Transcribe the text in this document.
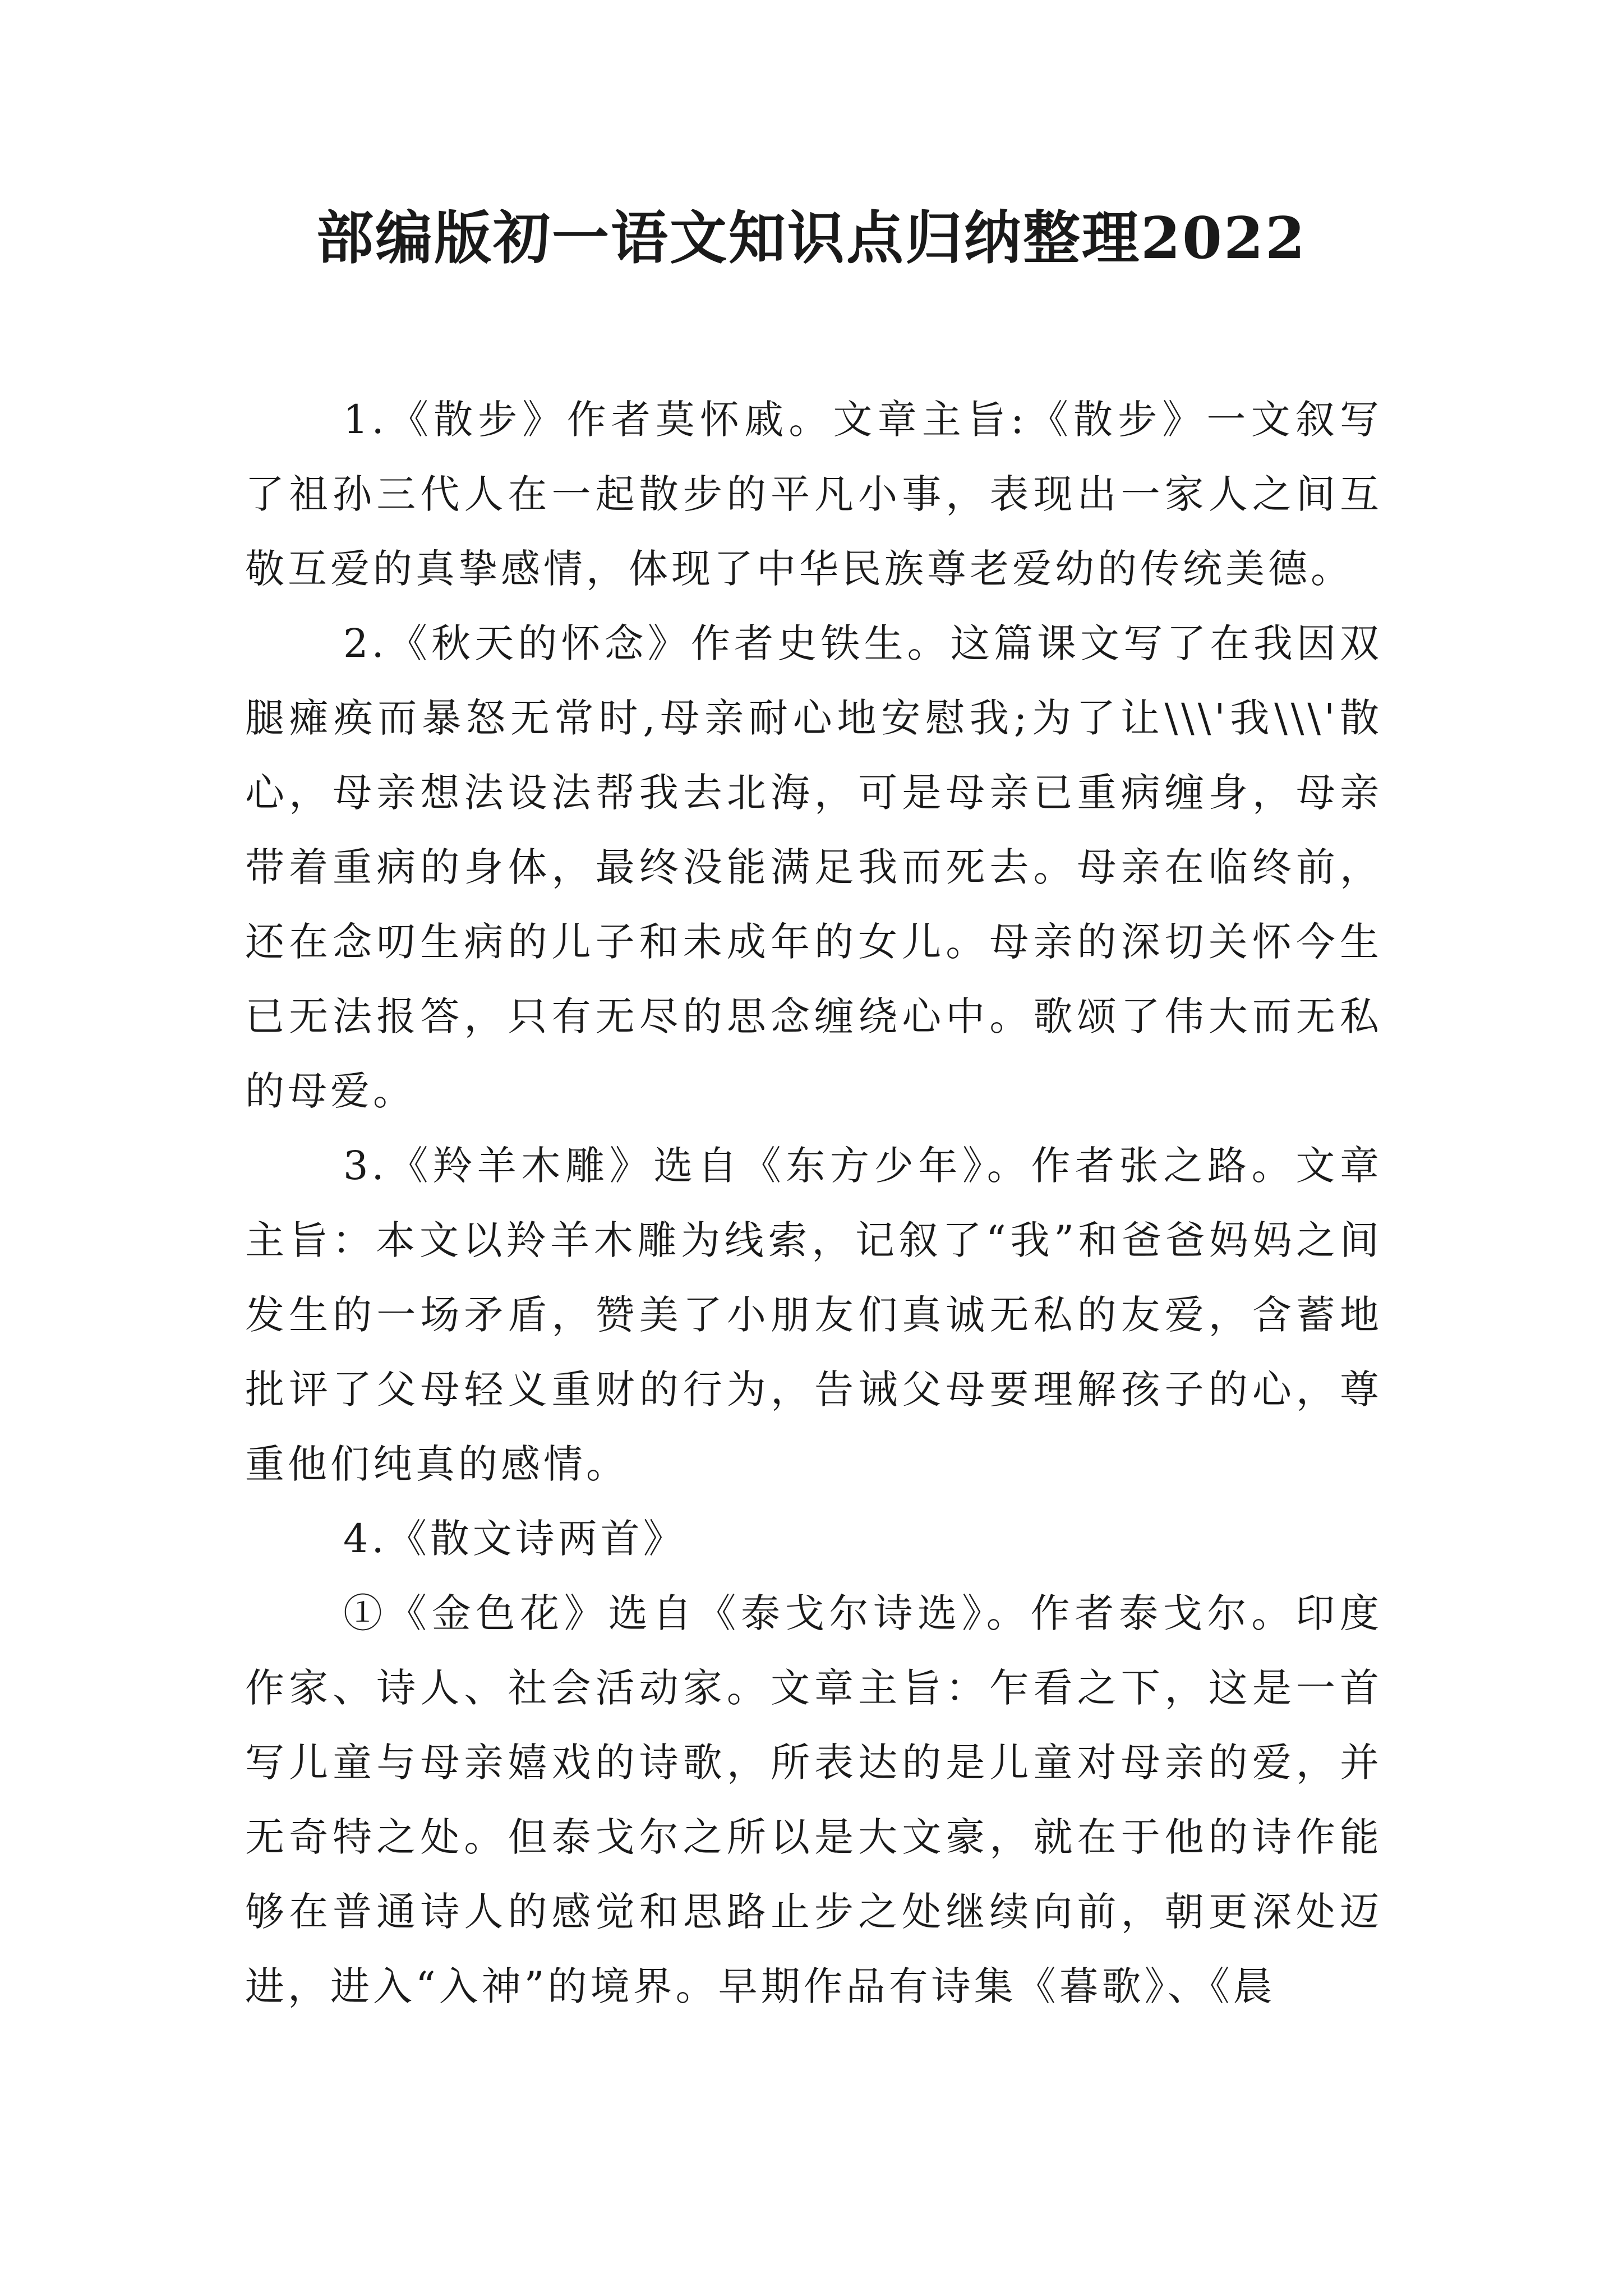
部编版初一语文知识点归纳整理2022

1.《散步》作者莫怀戚。文章主旨:《散步》一文叙写了祖孙三代人在一起散步的平凡小事，表现出一家人之间互敬互爱的真挚感情，体现了中华民族尊老爱幼的传统美德。

2.《秋天的怀念》作者史铁生。这篇课文写了在我因双腿瘫痪而暴怒无常时,母亲耐心地安慰我;为了让\\\'我\\\'散心，母亲想法设法帮我去北海，可是母亲已重病缠身，母亲带着重病的身体，最终没能满足我而死去。母亲在临终前，还在念叨生病的儿子和未成年的女儿。母亲的深切关怀今生已无法报答，只有无尽的思念缠绕心中。歌颂了伟大而无私的母爱。

3.《羚羊木雕》选自《东方少年》。作者张之路。文章主旨：本文以羚羊木雕为线索，记叙了“我”和爸爸妈妈之间发生的一场矛盾，赞美了小朋友们真诚无私的友爱，含蓄地批评了父母轻义重财的行为，告诫父母要理解孩子的心，尊重他们纯真的感情。

4.《散文诗两首》

①《金色花》选自《泰戈尔诗选》。作者泰戈尔。印度作家、诗人、社会活动家。文章主旨：乍看之下，这是一首写儿童与母亲嬉戏的诗歌，所表达的是儿童对母亲的爱，并无奇特之处。但泰戈尔之所以是大文豪，就在于他的诗作能够在普通诗人的感觉和思路止步之处继续向前，朝更深处迈进，进入“入神”的境界。早期作品有诗集《暮歌》、《晨
